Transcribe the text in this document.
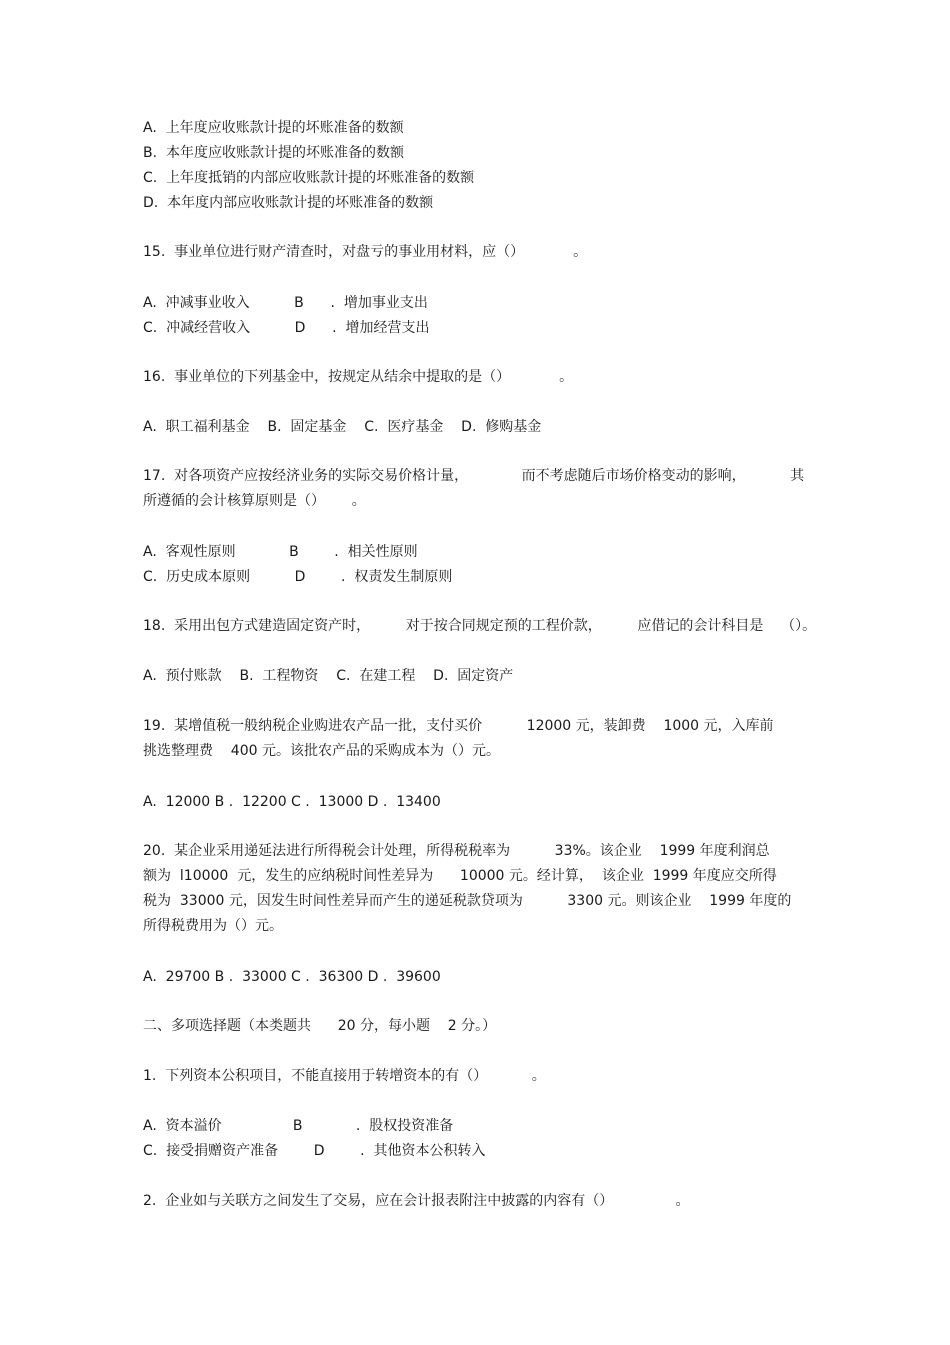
A.  上年度应收账款计提的坏账准备的数额
B.  本年度应收账款计提的坏账准备的数额
C.  上年度抵销的内部应收账款计提的坏账准备的数额
D.  本年度内部应收账款计提的坏账准备的数额
15.  事业单位进行财产清查时，对盘亏的事业用材料，应（）           。
A.  冲减事业收入          B      .  增加事业支出
C.  冲减经营收入          D      .  增加经营支出
16.  事业单位的下列基金中，按规定从结余中提取的是（）           。
A.  职工福利基金    B.  固定基金    C.  医疗基金    D.  修购基金
17.  对各项资产应按经济业务的实际交易价格计量，            而不考虑随后市场价格变动的影响，          其
所遵循的会计核算原则是（）      。
A.  客观性原则            B        .  相关性原则
C.  历史成本原则          D        .  权责发生制原则
18.  采用出包方式建造固定资产时，        对于按合同规定预的工程价款，        应借记的会计科目是    （）。
A.  预付账款    B.  工程物资    C.  在建工程    D.  固定资产
19.  某增值税一般纳税企业购进农产品一批，支付买价          12000 元，装卸费    1000 元，入库前
挑选整理费    400 元。该批农产品的采购成本为（）元。
A.  12000 B .  12200 C .  13000 D .  13400
20.  某企业采用递延法进行所得税会计处理，所得税税率为          33%。该企业    1999 年度利润总
额为  l10000  元，发生的应纳税时间性差异为      10000 元。经计算，  该企业  1999 年度应交所得
税为  33000 元，因发生时间性差异而产生的递延税款贷项为          3300 元。则该企业    1999 年度的
所得税费用为（）元。
A.  29700 B .  33000 C .  36300 D .  39600
二、多项选择题（本类题共      20 分，每小题    2 分。）
1.  下列资本公积项目，不能直接用于转增资本的有（）          。
A.  资本溢价                B            .  股权投资准备
C.  接受捐赠资产准备        D        .  其他资本公积转入
2.  企业如与关联方之间发生了交易，应在会计报表附注中披露的内容有（）              。
